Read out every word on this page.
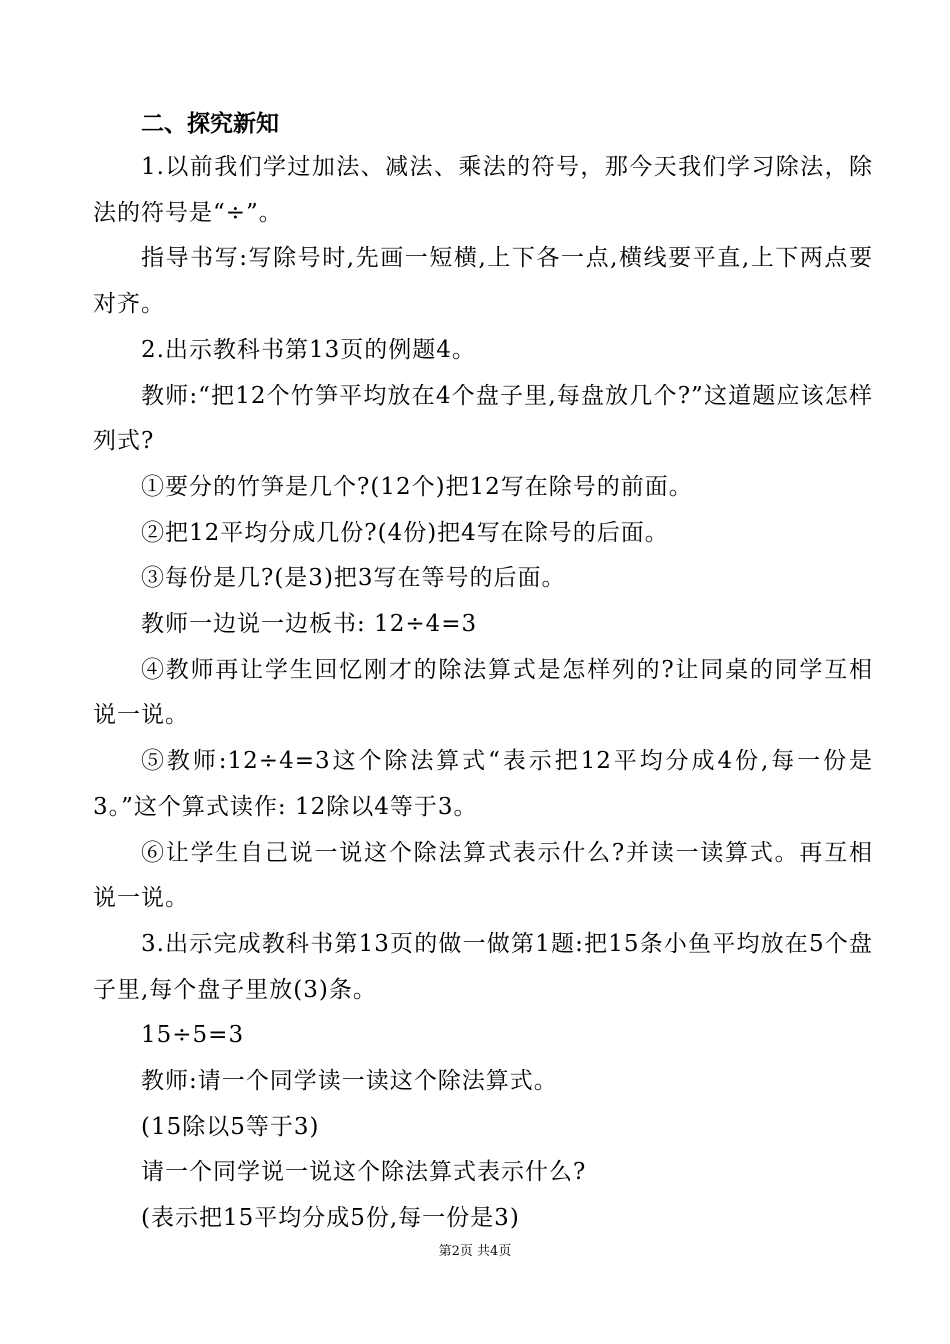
二、探究新知

1.以前我们学过加法、减法、乘法的符号，那今天我们学习除法，除法的符号是“÷”。

指导书写:写除号时,先画一短横,上下各一点,横线要平直,上下两点要对齐。

2.出示教科书第13页的例题4。

教师:“把12个竹笋平均放在4个盘子里,每盘放几个?”这道题应该怎样列式?

①要分的竹笋是几个?(12个)把12写在除号的前面。

②把12平均分成几份?(4份)把4写在除号的后面。

③每份是几?(是3)把3写在等号的后面。

教师一边说一边板书: 12÷4=3

④教师再让学生回忆刚才的除法算式是怎样列的?让同桌的同学互相说一说。

⑤教师:12÷4=3这个除法算式“表示把12平均分成4份,每一份是3。”这个算式读作: 12除以4等于3。

⑥让学生自己说一说这个除法算式表示什么?并读一读算式。再互相说一说。

3.出示完成教科书第13页的做一做第1题:把15条小鱼平均放在5个盘子里,每个盘子里放(3)条。

15÷5=3

教师:请一个同学读一读这个除法算式。

(15除以5等于3)

请一个同学说一说这个除法算式表示什么?

(表示把15平均分成5份,每一份是3)

第2页 共4页
